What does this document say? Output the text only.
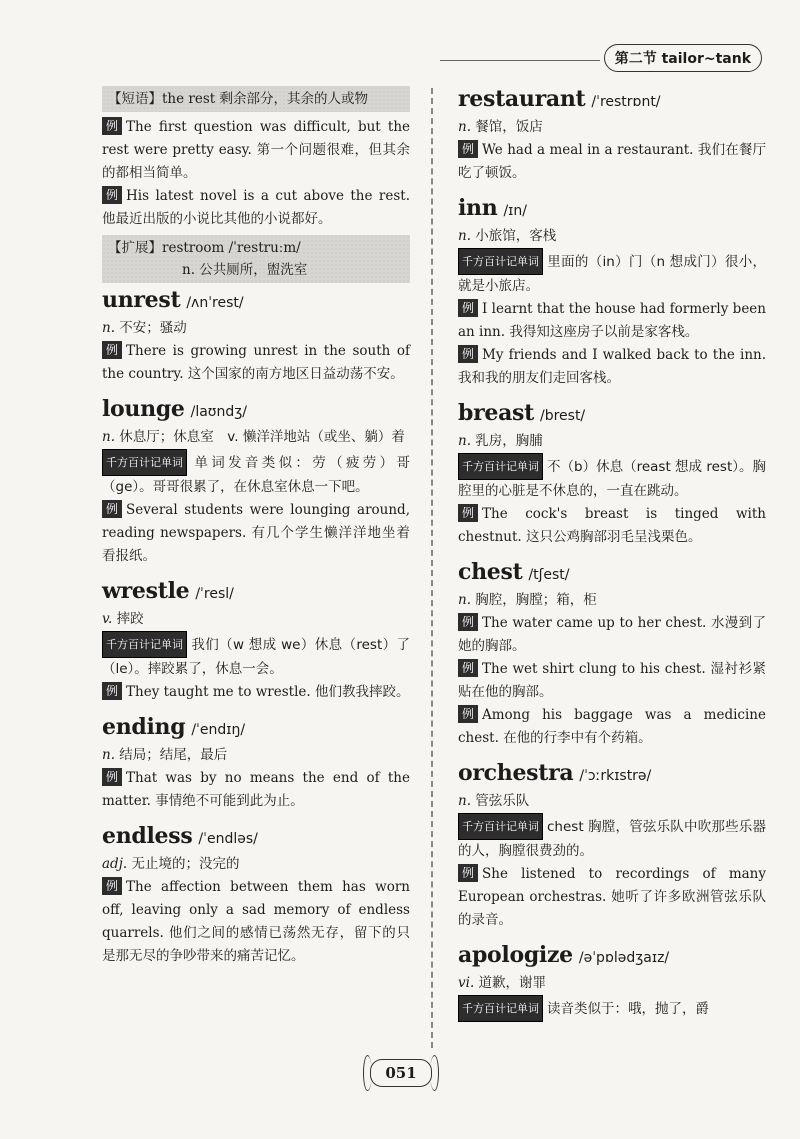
第二节 tailor~tank
【短语】the rest 剩余部分，其余的人或物

例 The first question was difficult, but the rest were pretty easy. 第一个问题很难，但其余的都相当简单。

例 His latest novel is a cut above the rest. 他最近出版的小说比其他的小说都好。

【扩展】restroom /ˈrestruːm/
n. 公共厕所，盥洗室
unrest /ʌnˈrest/
n. 不安；骚动

例 There is growing unrest in the south of the country. 这个国家的南方地区日益动荡不安。

lounge /laʊndʒ/
n. 休息厅；休息室　v. 懒洋洋地站（或坐、躺）着

千方百计记单词 单词发音类似：劳（疲劳）哥（ge）。哥哥很累了，在休息室休息一下吧。

例 Several students were lounging around, reading newspapers. 有几个学生懒洋洋地坐着看报纸。

wrestle /ˈresl/
v. 摔跤

千方百计记单词 我们（w 想成 we）休息（rest）了（le）。摔跤累了，休息一会。

例 They taught me to wrestle. 他们教我摔跤。

ending /ˈendɪŋ/
n. 结局；结尾，最后

例 That was by no means the end of the matter. 事情绝不可能到此为止。

endless /ˈendləs/
adj. 无止境的；没完的

例 The affection between them has worn off, leaving only a sad memory of endless quarrels. 他们之间的感情已荡然无存，留下的只是那无尽的争吵带来的痛苦记忆。

restaurant /ˈrestrɒnt/
n. 餐馆，饭店

例 We had a meal in a restaurant. 我们在餐厅吃了顿饭。

inn /ɪn/
n. 小旅馆，客栈

千方百计记单词 里面的（in）门（n 想成门）很小，就是小旅店。

例 I learnt that the house had formerly been an inn. 我得知这座房子以前是家客栈。

例 My friends and I walked back to the inn. 我和我的朋友们走回客栈。

breast /brest/
n. 乳房，胸脯

千方百计记单词 不（b）休息（reast 想成 rest）。胸腔里的心脏是不休息的，一直在跳动。

例 The cock's breast is tinged with chestnut. 这只公鸡胸部羽毛呈浅栗色。

chest /tʃest/
n. 胸腔，胸膛；箱，柜

例 The water came up to her chest. 水漫到了她的胸部。

例 The wet shirt clung to his chest. 湿衬衫紧贴在他的胸部。

例 Among his baggage was a medicine chest. 在他的行李中有个药箱。

orchestra /ˈɔːrkɪstrə/
n. 管弦乐队

千方百计记单词 chest 胸膛，管弦乐队中吹那些乐器的人，胸膛很费劲的。

例 She listened to recordings of many European orchestras. 她听了许多欧洲管弦乐队的录音。

apologize /əˈpɒlədʒaɪz/
vi. 道歉，谢罪

千方百计记单词 读音类似于：哦，抛了，爵

051
